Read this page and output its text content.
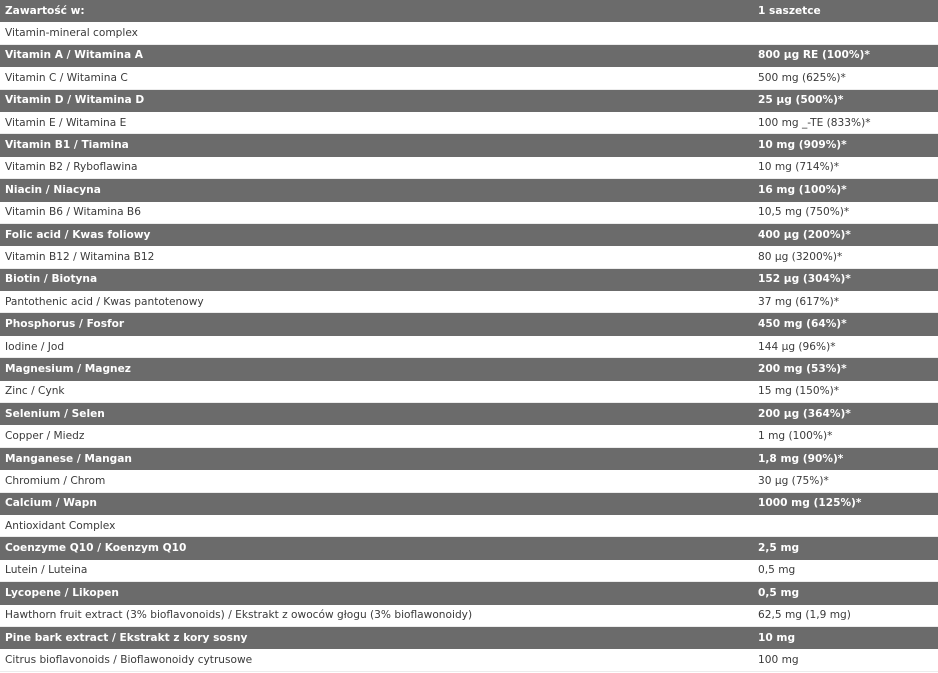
Zawartość w:	1 saszetce
Vitamin-mineral complex
Vitamin A / Witamina A	800 µg RE (100%)*
Vitamin C / Witamina C	500 mg (625%)*
Vitamin D / Witamina D	25 µg (500%)*
Vitamin E / Witamina E	100 mg _-TE (833%)*
Vitamin B1 / Tiamina	10 mg (909%)*
Vitamin B2 / Ryboflawina	10 mg (714%)*
Niacin / Niacyna	16 mg (100%)*
Vitamin B6 / Witamina B6	10,5 mg (750%)*
Folic acid / Kwas foliowy	400 µg (200%)*
Vitamin B12 / Witamina B12	80 µg (3200%)*
Biotin / Biotyna	152 µg (304%)*
Pantothenic acid / Kwas pantotenowy	37 mg (617%)*
Phosphorus / Fosfor	450 mg (64%)*
Iodine / Jod	144 µg (96%)*
Magnesium / Magnez	200 mg (53%)*
Zinc / Cynk	15 mg (150%)*
Selenium / Selen	200 µg (364%)*
Copper / Miedz	1 mg (100%)*
Manganese / Mangan	1,8 mg (90%)*
Chromium / Chrom	30 µg (75%)*
Calcium / Wapn	1000 mg (125%)*
Antioxidant Complex
Coenzyme Q10 / Koenzym Q10	2,5 mg
Lutein / Luteina	0,5 mg
Lycopene / Likopen	0,5 mg
Hawthorn fruit extract (3% bioflavonoids) / Ekstrakt z owoców głogu (3% bioflawonoidy)	62,5 mg (1,9 mg)
Pine bark extract / Ekstrakt z kory sosny	10 mg
Citrus bioflavonoids / Bioflawonoidy cytrusowe	100 mg
